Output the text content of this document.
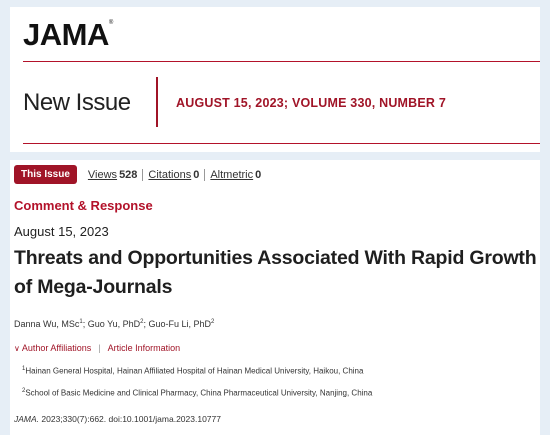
JAMA®
New Issue	AUGUST 15, 2023; VOLUME 330, NUMBER 7
This Issue	Views 528	Citations 0	Altmetric 0
Comment & Response
August 15, 2023
Threats and Opportunities Associated With Rapid Growth of Mega-Journals
Danna Wu, MSc$^1$; Guo Yu, PhD$^2$; Guo-Fu Li, PhD$^2$
∨ Author Affiliations | Article Information
$^1$Hainan General Hospital, Hainan Affiliated Hospital of Hainan Medical University, Haikou, China
$^2$School of Basic Medicine and Clinical Pharmacy, China Pharmaceutical University, Nanjing, China
JAMA. 2023;330(7):662. doi:10.1001/jama.2023.10777
